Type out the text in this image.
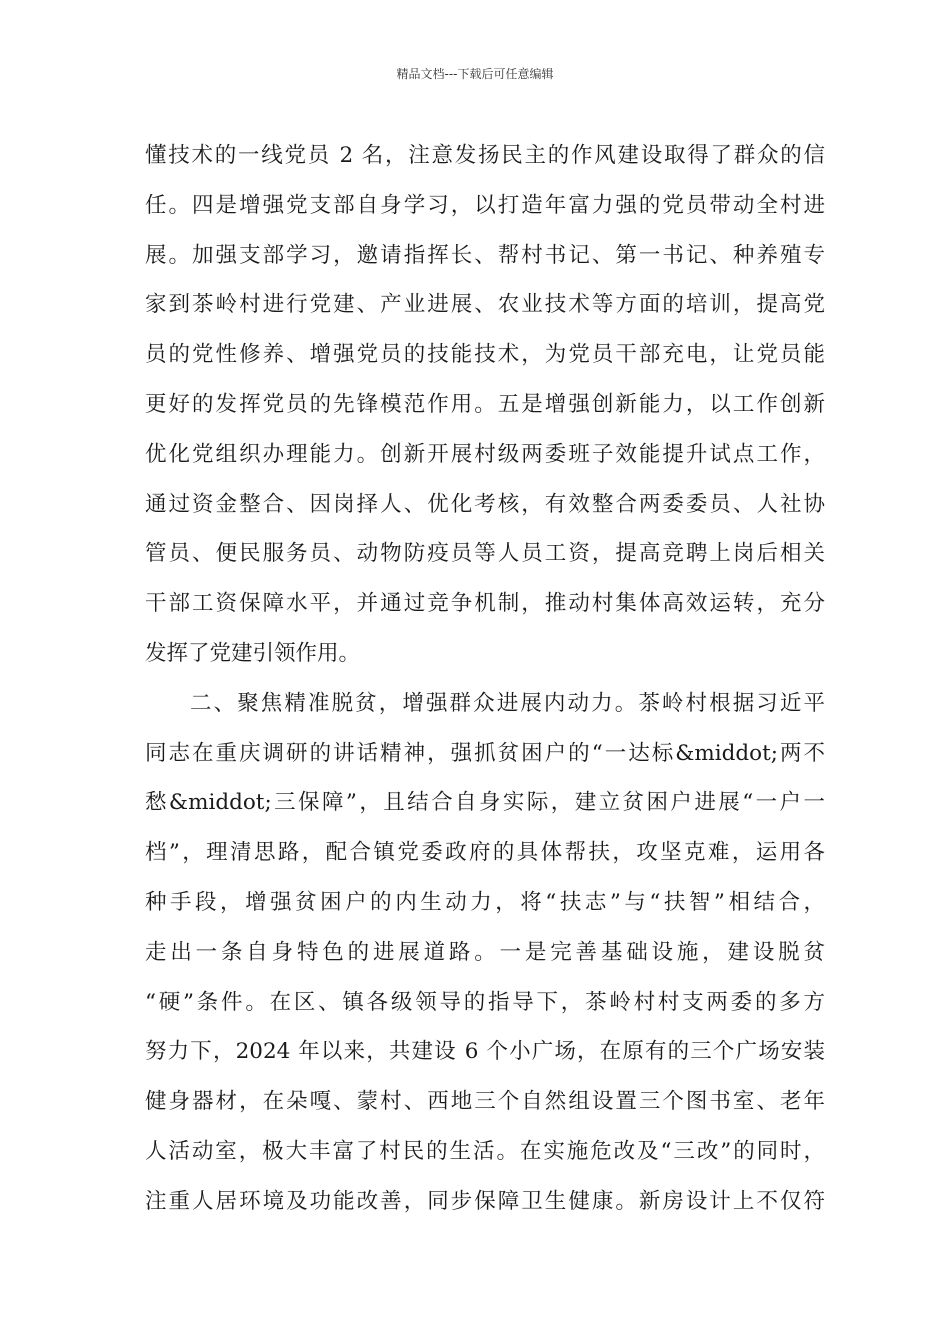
精品文档---下载后可任意编辑
懂技术的一线党员 2 名，注意发扬民主的作风建设取得了群众的信
任。四是增强党支部自身学习，以打造年富力强的党员带动全村进
展。加强支部学习，邀请指挥长、帮村书记、第一书记、种养殖专
家到茶岭村进行党建、产业进展、农业技术等方面的培训，提高党
员的党性修养、增强党员的技能技术，为党员干部充电，让党员能
更好的发挥党员的先锋模范作用。五是增强创新能力，以工作创新
优化党组织办理能力。创新开展村级两委班子效能提升试点工作，
通过资金整合、因岗择人、优化考核，有效整合两委委员、人社协
管员、便民服务员、动物防疫员等人员工资，提高竞聘上岗后相关
干部工资保障水平，并通过竞争机制，推动村集体高效运转，充分
发挥了党建引领作用。
二、聚焦精准脱贫，增强群众进展内动力。茶岭村根据习近平
同志在重庆调研的讲话精神，强抓贫困户的“一达标&middot;两不
愁&middot;三保障”，且结合自身实际，建立贫困户进展“一户一
档”，理清思路，配合镇党委政府的具体帮扶，攻坚克难，运用各
种手段，增强贫困户的内生动力，将“扶志”与“扶智”相结合，
走出一条自身特色的进展道路。一是完善基础设施，建设脱贫
“硬”条件。在区、镇各级领导的指导下，茶岭村村支两委的多方
努力下，2024 年以来，共建设 6 个小广场，在原有的三个广场安装
健身器材，在朵嘎、蒙村、西地三个自然组设置三个图书室、老年
人活动室，极大丰富了村民的生活。在实施危改及“三改”的同时，
注重人居环境及功能改善，同步保障卫生健康。新房设计上不仅符
